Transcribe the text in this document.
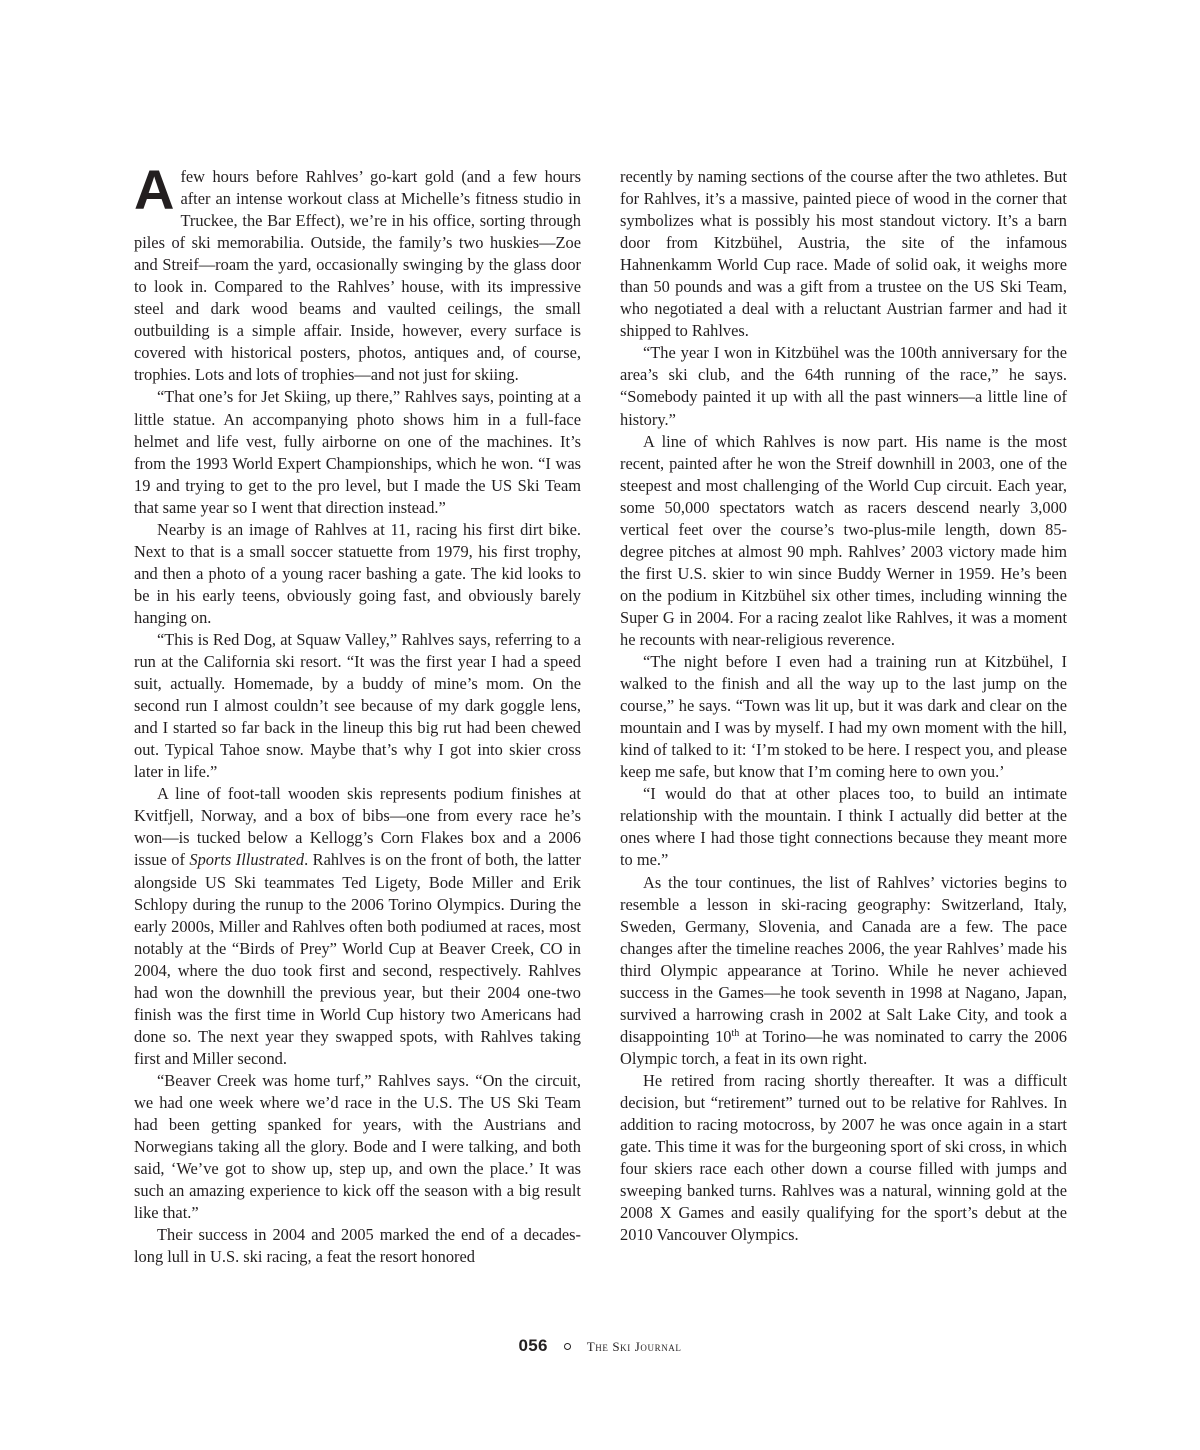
Afew hours before Rahlves’ go-kart gold (and a few hours after an intense workout class at Michelle’s fitness studio in Truckee, the Bar Effect), we’re in his office, sorting through piles of ski memorabilia. Outside, the family’s two huskies—Zoe and Streif—roam the yard, occasionally swinging by the glass door to look in. Compared to the Rahlves’ house, with its impressive steel and dark wood beams and vaulted ceilings, the small outbuilding is a simple affair. Inside, however, every surface is covered with historical posters, photos, antiques and, of course, trophies. Lots and lots of trophies—and not just for skiing.

“That one’s for Jet Skiing, up there,” Rahlves says, pointing at a little statue. An accompanying photo shows him in a full-face helmet and life vest, fully airborne on one of the machines. It’s from the 1993 World Expert Championships, which he won. “I was 19 and trying to get to the pro level, but I made the US Ski Team that same year so I went that direction instead.”

Nearby is an image of Rahlves at 11, racing his first dirt bike. Next to that is a small soccer statuette from 1979, his first trophy, and then a photo of a young racer bashing a gate. The kid looks to be in his early teens, obviously going fast, and obviously barely hanging on.

“This is Red Dog, at Squaw Valley,” Rahlves says, referring to a run at the California ski resort. “It was the first year I had a speed suit, actually. Homemade, by a buddy of mine’s mom. On the second run I almost couldn’t see because of my dark goggle lens, and I started so far back in the lineup this big rut had been chewed out. Typical Tahoe snow. Maybe that’s why I got into skier cross later in life.”

A line of foot-tall wooden skis represents podium finishes at Kvitfjell, Norway, and a box of bibs—one from every race he’s won—is tucked below a Kellogg’s Corn Flakes box and a 2006 issue of Sports Illustrated. Rahlves is on the front of both, the latter alongside US Ski teammates Ted Ligety, Bode Miller and Erik Schlopy during the runup to the 2006 Torino Olympics. During the early 2000s, Miller and Rahlves often both podiumed at races, most notably at the “Birds of Prey” World Cup at Beaver Creek, CO in 2004, where the duo took first and second, respectively. Rahlves had won the downhill the previous year, but their 2004 one-two finish was the first time in World Cup history two Americans had done so. The next year they swapped spots, with Rahlves taking first and Miller second.

“Beaver Creek was home turf,” Rahlves says. “On the circuit, we had one week where we’d race in the U.S. The US Ski Team had been getting spanked for years, with the Austrians and Norwegians taking all the glory. Bode and I were talking, and both said, ‘We’ve got to show up, step up, and own the place.’ It was such an amazing experience to kick off the season with a big result like that.”

Their success in 2004 and 2005 marked the end of a decades-long lull in U.S. ski racing, a feat the resort honored

recently by naming sections of the course after the two athletes. But for Rahlves, it’s a massive, painted piece of wood in the corner that symbolizes what is possibly his most standout victory. It’s a barn door from Kitzbühel, Austria, the site of the infamous Hahnenkamm World Cup race. Made of solid oak, it weighs more than 50 pounds and was a gift from a trustee on the US Ski Team, who negotiated a deal with a reluctant Austrian farmer and had it shipped to Rahlves.

“The year I won in Kitzbühel was the 100th anniversary for the area’s ski club, and the 64th running of the race,” he says. “Somebody painted it up with all the past winners—a little line of history.”

A line of which Rahlves is now part. His name is the most recent, painted after he won the Streif downhill in 2003, one of the steepest and most challenging of the World Cup circuit. Each year, some 50,000 spectators watch as racers descend nearly 3,000 vertical feet over the course’s two-plus-mile length, down 85-degree pitches at almost 90 mph. Rahlves’ 2003 victory made him the first U.S. skier to win since Buddy Werner in 1959. He’s been on the podium in Kitzbühel six other times, including winning the Super G in 2004. For a racing zealot like Rahlves, it was a moment he recounts with near-religious reverence.

“The night before I even had a training run at Kitzbühel, I walked to the finish and all the way up to the last jump on the course,” he says. “Town was lit up, but it was dark and clear on the mountain and I was by myself. I had my own moment with the hill, kind of talked to it: ‘I’m stoked to be here. I respect you, and please keep me safe, but know that I’m coming here to own you.’

“I would do that at other places too, to build an intimate relationship with the mountain. I think I actually did better at the ones where I had those tight connections because they meant more to me.”

As the tour continues, the list of Rahlves’ victories begins to resemble a lesson in ski-racing geography: Switzerland, Italy, Sweden, Germany, Slovenia, and Canada are a few. The pace changes after the timeline reaches 2006, the year Rahlves’ made his third Olympic appearance at Torino. While he never achieved success in the Games—he took seventh in 1998 at Nagano, Japan, survived a harrowing crash in 2002 at Salt Lake City, and took a disappointing 10th at Torino—he was nominated to carry the 2006 Olympic torch, a feat in its own right.

He retired from racing shortly thereafter. It was a difficult decision, but “retirement” turned out to be relative for Rahlves. In addition to racing motocross, by 2007 he was once again in a start gate. This time it was for the burgeoning sport of ski cross, in which four skiers race each other down a course filled with jumps and sweeping banked turns. Rahlves was a natural, winning gold at the 2008 X Games and easily qualifying for the sport’s debut at the 2010 Vancouver Olympics.

056	The Ski Journal
